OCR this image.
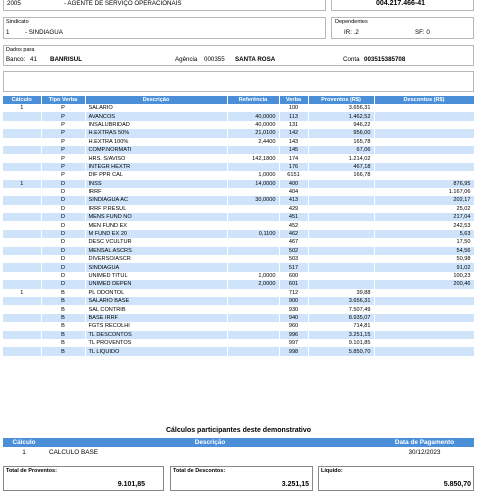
2005	- AGENTE DE SERVIÇO OPERACIONAIS	004.217.466-41
Sindicato
1	- SINDIAGUA
Dependentes
IR: .2	SF: 0
Dados para
Banco: 41 BANRISUL	Agência 000355 SANTA ROSA	Conta 003515385708
Cálculo	Tipo Verba	Descrição	Referência	Verba	Proventos (R$)	Descontos (R$)
1	P	SALARIO		100	3.656,31	
	P	AVANCOS	40,0000	113	1.462,52	
	P	INSALUBRIDAD	40,0000	131	946,22	
	P	H.EXTRAS 50%	21,0100	142	956,00	
	P	H.EXTRA 100%	2,4400	143	165,78	
	P	COMP.NORMATI		145	67,06	
	P	HRS. S/AVISO	142,1800	174	1.214,02	
	P	INTEGR HEXTR		176	467,18	
	P	DIF PPR CAL	1,0000	6151	166,78	
1	D	INSS	14,0000	400		876,95
	D	IRRF		404		1.167,06
	D	SINDIAGUA AC	30,0000	413		202,17
	D	IRRF P.RESUL		429		25,02
	D	MENS FUND NO		451		217,04
	D	MEN FUND EX		452		242,53
	D	M FUND EX 20	0,1100	462		5,63
	D	DESC VCULTUR		467		17,50
	D	MENSAL ASCRS		502		54,56
	D	DIVERSO/ASCR		503		50,98
	D	SINDIAGUA		517		91,02
	D	UNIMED TITUL	1,0000	600		100,23
	D	UNIMED DEPEN	2,0000	601		200,46
1	B	PL ODONTOL		712	39,88	
	B	SALARIO BASE		900	3.656,31	
	B	SAL CONTRIB		930	7.507,49	
	B	BASE IRRF		940	8.935,07	
	B	FGTS RECOLHI		960	714,81	
	B	TL DESCONTOS		996	3.251,15	
	B	TL PROVENTOS		997	9.101,85	
	B	TL LIQUIDO		998	5.850,70	
Cálculos participantes deste demonstrativo
Cálculo	Descrição	Data de Pagamento
1	CALCULO BASE	30/12/2023
Total de Proventos:
9.101,85
Total de Descontos:
3.251,15
Líquido:
5.850,70
